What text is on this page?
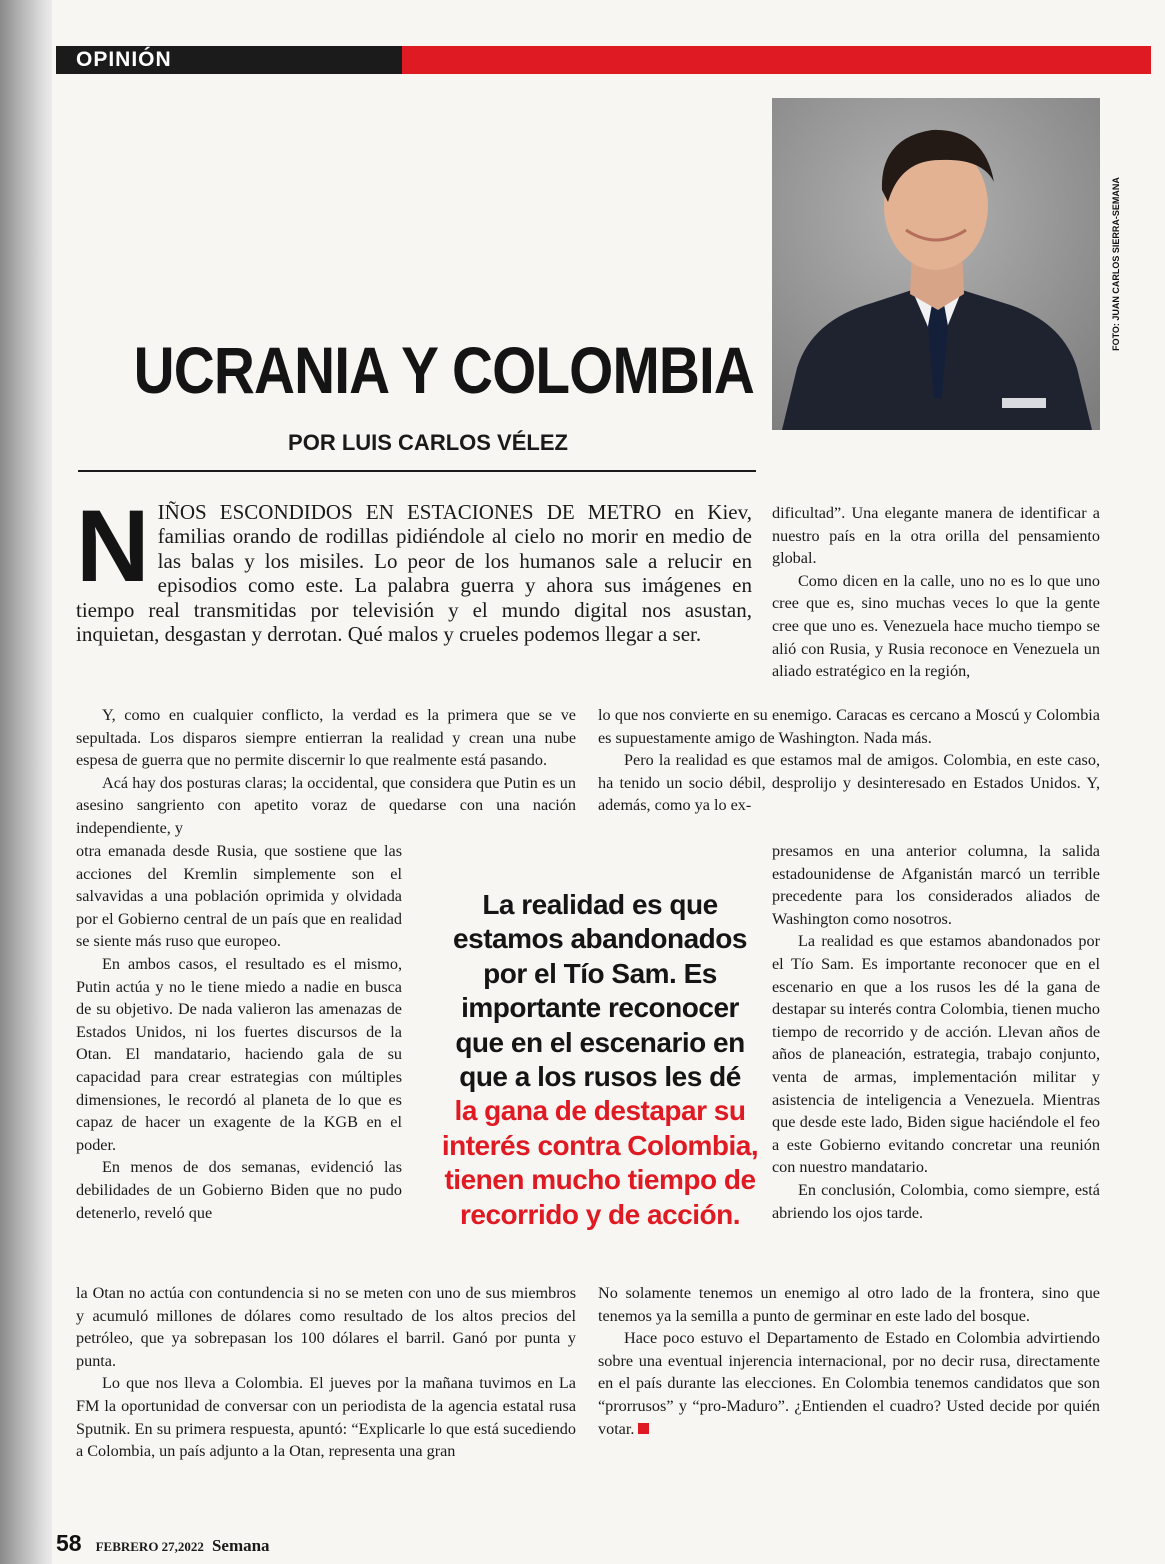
OPINIÓN
FOTO: JUAN CARLOS SIERRA-SEMANA
UCRANIA Y COLOMBIA
POR LUIS CARLOS VÉLEZ

NIÑOS ESCONDIDOS EN ESTACIONES DE METRO en Kiev, familias orando de rodillas pidiéndole al cielo no morir en medio de las balas y los misiles. Lo peor de los humanos sale a relucir en episodios como este. La palabra guerra y ahora sus imágenes en tiempo real transmitidas por televisión y el mundo digital nos asustan, inquietan, desgastan y derrotan. Qué malos y crueles podemos llegar a ser.

dificultad”. Una elegante manera de identificar a nuestro país en la otra orilla del pensamiento global.

Como dicen en la calle, uno no es lo que uno cree que es, sino muchas veces lo que la gente cree que uno es. Venezuela hace mucho tiempo se alió con Rusia, y Rusia reconoce en Venezuela un aliado estratégico en la región,

Y, como en cualquier conflicto, la verdad es la primera que se ve sepultada. Los disparos siempre entierran la realidad y crean una nube espesa de guerra que no permite discernir lo que realmente está pasando.

Acá hay dos posturas claras; la occidental, que considera que Putin es un asesino sangriento con apetito voraz de quedarse con una nación independiente, y

lo que nos convierte en su enemigo. Caracas es cercano a Moscú y Colombia es supuestamente amigo de Washington. Nada más.

Pero la realidad es que estamos mal de amigos. Colombia, en este caso, ha tenido un socio débil, desprolijo y desinteresado en Estados Unidos. Y, además, como ya lo ex-

otra emanada desde Rusia, que sostiene que las acciones del Kremlin simplemente son el salvavidas a una población oprimida y olvidada por el Gobierno central de un país que en realidad se siente más ruso que europeo.

En ambos casos, el resultado es el mismo, Putin actúa y no le tiene miedo a nadie en busca de su objetivo. De nada valieron las amenazas de Estados Unidos, ni los fuertes discursos de la Otan. El mandatario, haciendo gala de su capacidad para crear estrategias con múltiples dimensiones, le recordó al planeta de lo que es capaz de hacer un exagente de la KGB en el poder.

En menos de dos semanas, evidenció las debilidades de un Gobierno Biden que no pudo detenerlo, reveló que

presamos en una anterior columna, la salida estadounidense de Afganistán marcó un terrible precedente para los considerados aliados de Washington como nosotros.

La realidad es que estamos abandonados por el Tío Sam. Es importante reconocer que en el escenario en que a los rusos les dé la gana de destapar su interés contra Colombia, tienen mucho tiempo de recorrido y de acción. Llevan años de años de planeación, estrategia, trabajo conjunto, venta de armas, implementación militar y asistencia de inteligencia a Venezuela. Mientras que desde este lado, Biden sigue haciéndole el feo a este Gobierno evitando concretar una reunión con nuestro mandatario.

En conclusión, Colombia, como siempre, está abriendo los ojos tarde.

La realidad es que estamos abandonados por el Tío Sam. Es importante reconocer que en el escenario en que a los rusos les dé
la gana de destapar su interés contra Colombia, tienen mucho tiempo de recorrido y de acción.

la Otan no actúa con contundencia si no se meten con uno de sus miembros y acumuló millones de dólares como resultado de los altos precios del petróleo, que ya sobrepasan los 100 dólares el barril. Ganó por punta y punta.

Lo que nos lleva a Colombia. El jueves por la mañana tuvimos en La FM la oportunidad de conversar con un periodista de la agencia estatal rusa Sputnik. En su primera respuesta, apuntó: “Explicarle lo que está sucediendo a Colombia, un país adjunto a la Otan, representa una gran

No solamente tenemos un enemigo al otro lado de la frontera, sino que tenemos ya la semilla a punto de germinar en este lado del bosque.

Hace poco estuvo el Departamento de Estado en Colombia advirtiendo sobre una eventual injerencia internacional, por no decir rusa, directamente en el país durante las elecciones. En Colombia tenemos candidatos que son “prorrusos” y “pro-Maduro”. ¿Entienden el cuadro? Usted decide por quién votar.

58 FEBRERO 27,2022 Semana
